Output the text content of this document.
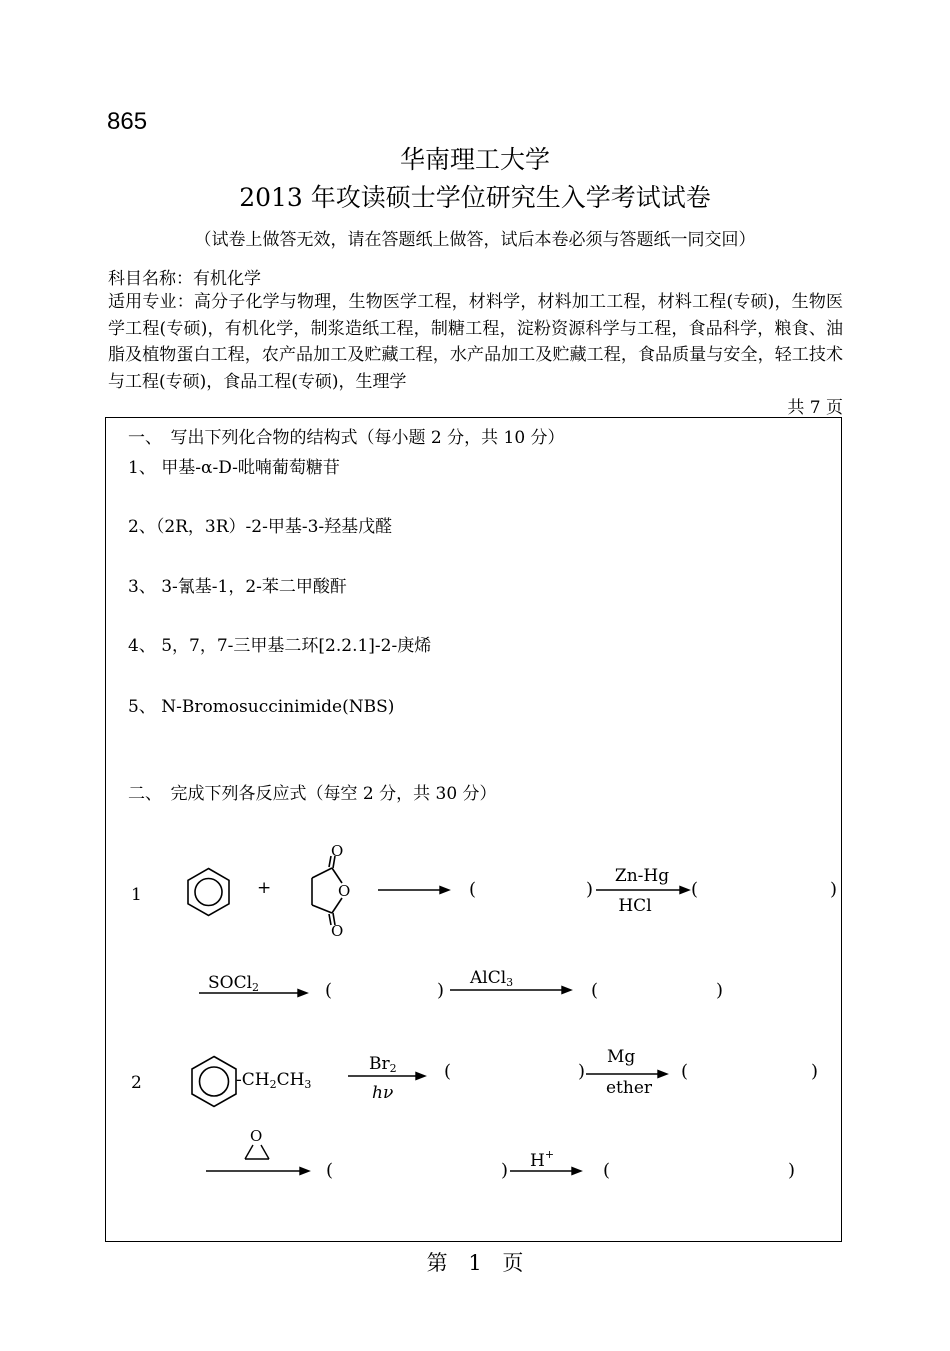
865
华南理工大学
2013 年攻读硕士学位研究生入学考试试卷
（试卷上做答无效，请在答题纸上做答，试后本卷必须与答题纸一同交回）
科目名称：有机化学
适用专业：高分子化学与物理，生物医学工程，材料学，材料加工工程，材料工程(专硕)，生物医学工程(专硕)，有机化学，制浆造纸工程，制糖工程，淀粉资源科学与工程，食品科学，粮食、油脂及植物蛋白工程，农产品加工及贮藏工程，水产品加工及贮藏工程，食品质量与安全，轻工技术与工程(专硕)，食品工程(专硕)，生理学
共 7 页
一、　写出下列化合物的结构式（每小题 2 分，共 10 分）
1、 甲基-α-D-吡喃葡萄糖苷
2、（2R，3R）-2-甲基-3-羟基戊醛
3、 3-氰基-1，2-苯二甲酸酐
4、 5，7，7-三甲基二环[2.2.1]-2-庚烯
5、 N-Bromosuccinimide(NBS)
二、　完成下列各反应式（每空 2 分，共 30 分）
1	+
O
O
O
(	)
Zn-Hg
HCl
(	)
SOCl$_2$	(	)
AlCl$_3$	(	)
2	$-CH_2CH_3$
$Br_2$
hν
(	)
Mg
ether
(	)
O
(	) H+
(	)
第 1 页
